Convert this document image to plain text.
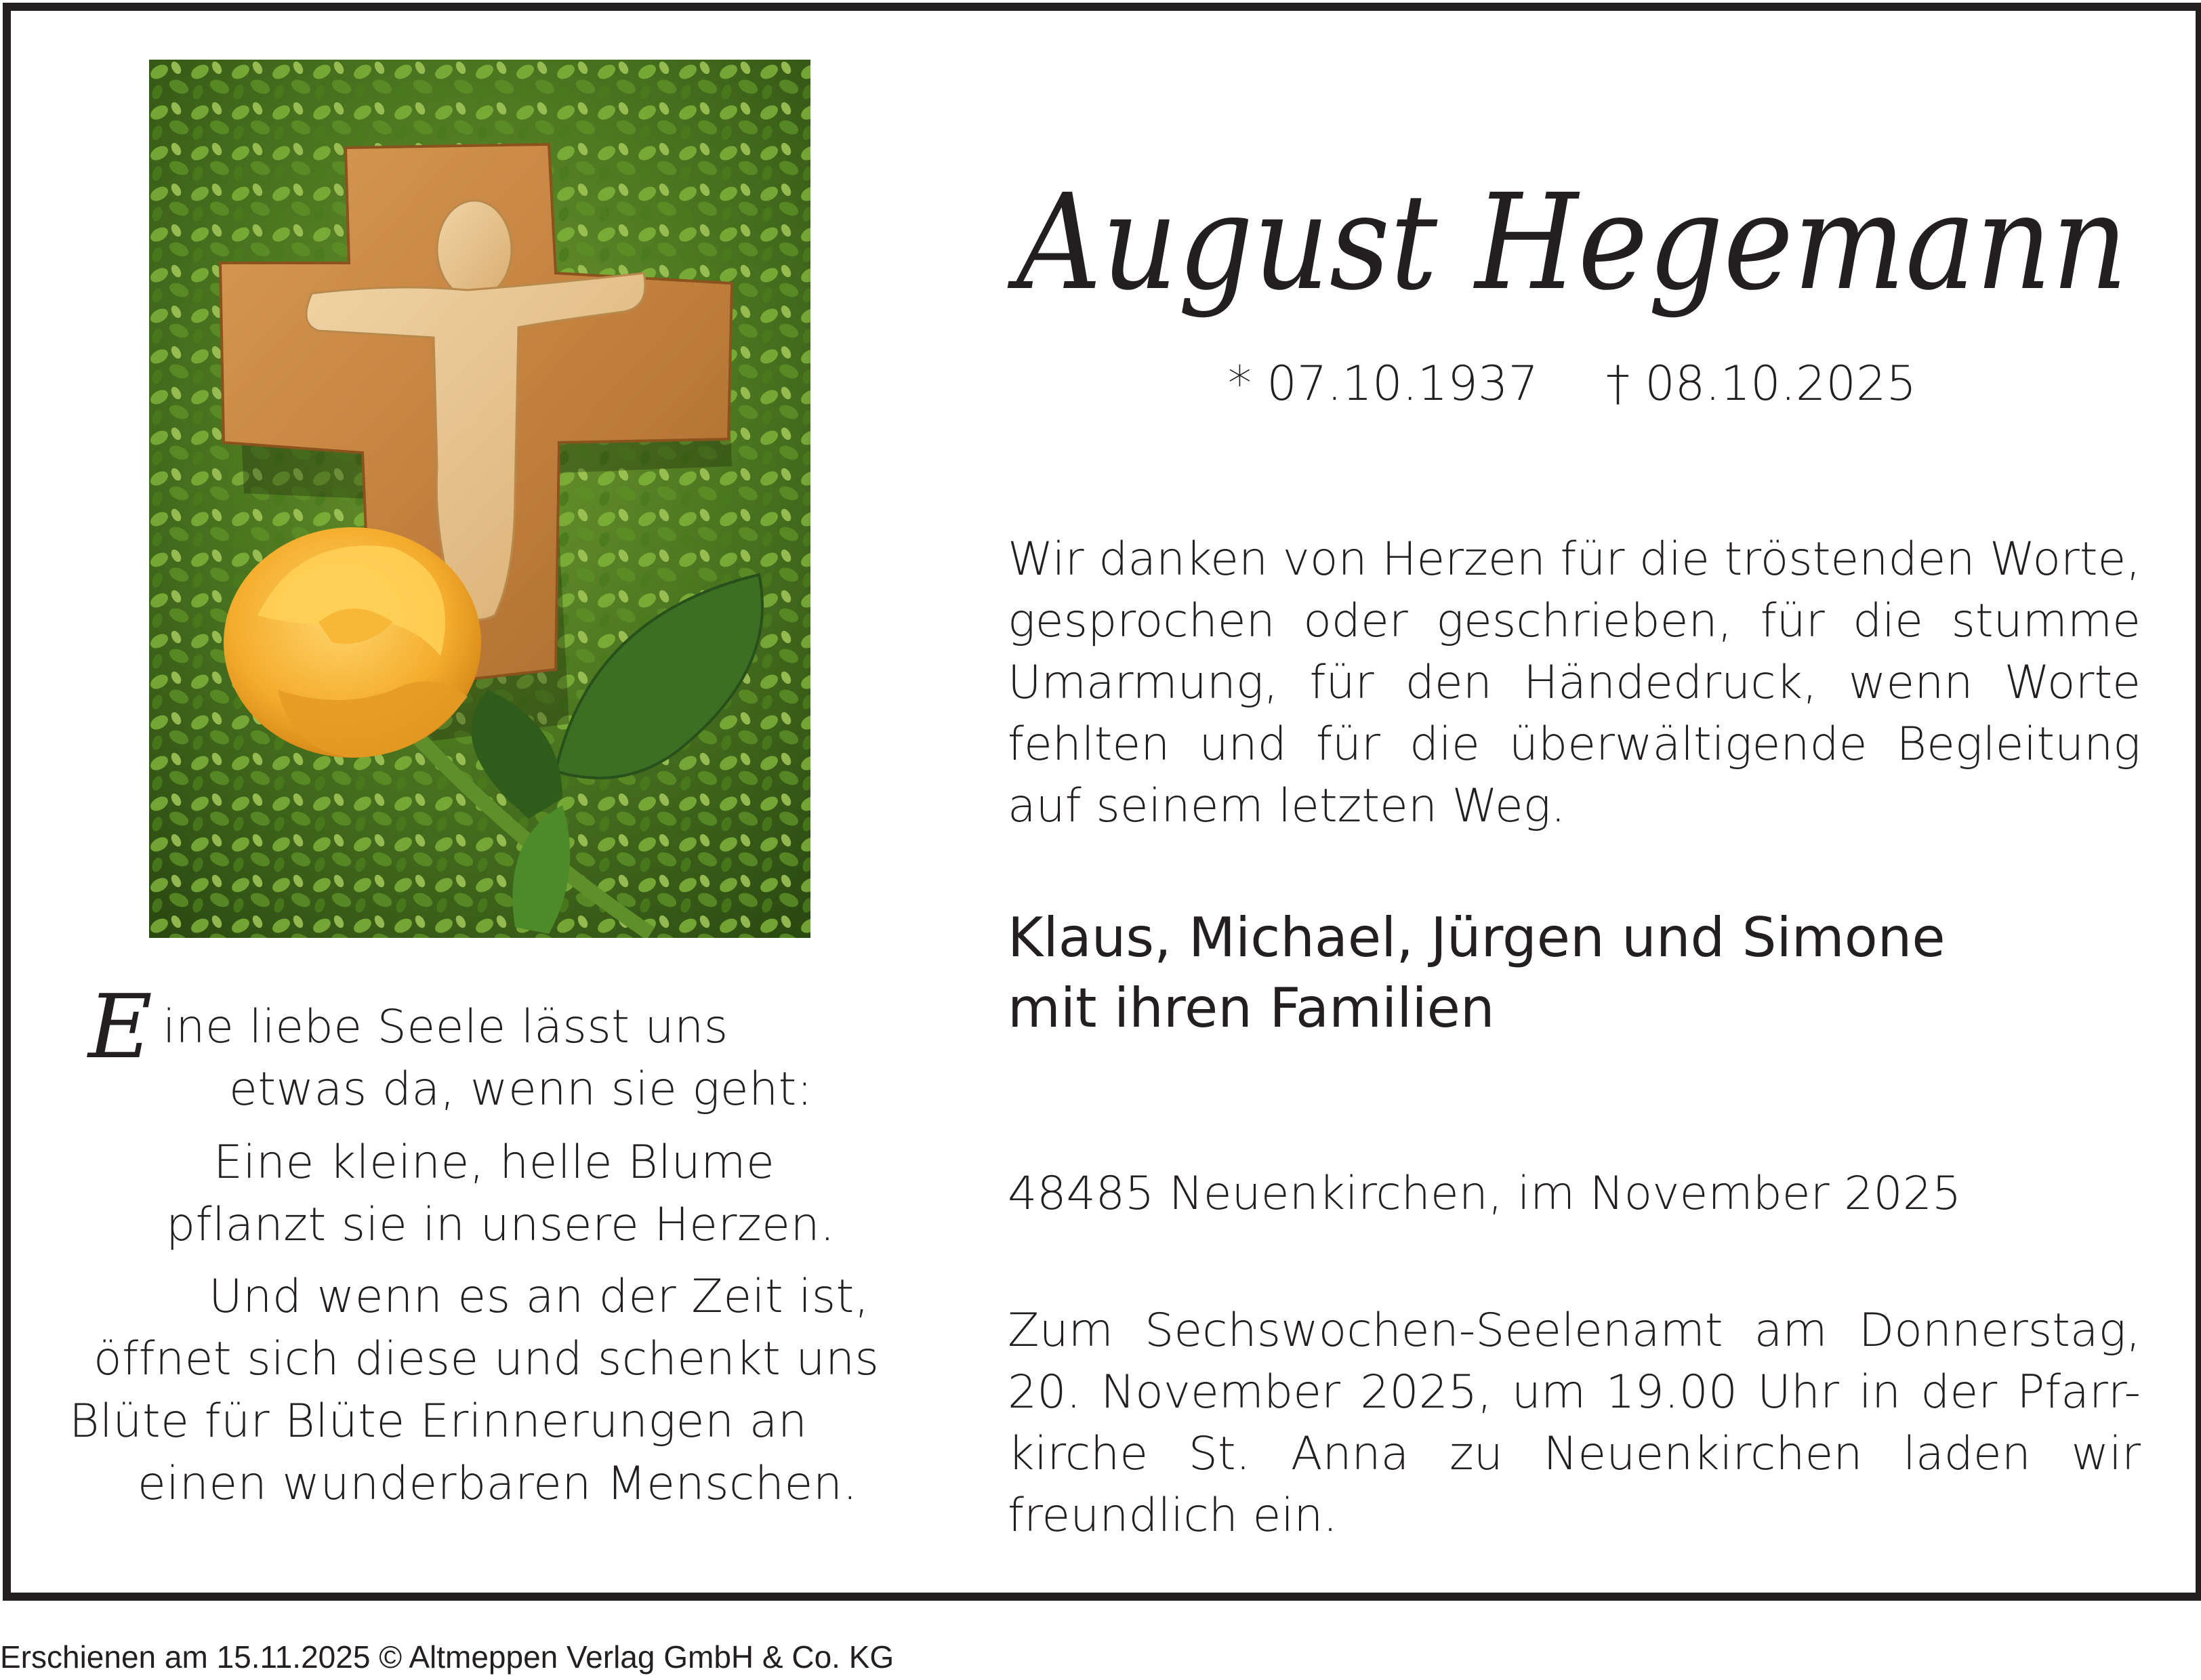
E ine liebe Seele lässt uns
etwas da, wenn sie geht:
Eine kleine, helle Blume
pflanzt sie in unsere Herzen.
Und wenn es an der Zeit ist,
öffnet sich diese und schenkt uns
Blüte für Blüte Erinnerungen an
einen wunderbaren Menschen.
August Hegemann
* 07.10.1937 † 08.10.2025
Wir danken von Herzen für die tröstenden Worte,
gesprochen oder geschrieben, für die stumme
Umarmung, für den Händedruck, wenn Worte
fehlten und für die überwältigende Begleitung
auf seinem letzten Weg.
Klaus, Michael, Jürgen und Simone
mit ihren Familien
48485 Neuenkirchen, im November 2025
Zum Sechswochen-Seelenamt am Donnerstag,
20. November 2025, um 19.00 Uhr in der Pfarr-
kirche St. Anna zu Neuenkirchen laden wir
freundlich ein.
Erschienen am 15.11.2025 © Altmeppen Verlag GmbH & Co. KG
